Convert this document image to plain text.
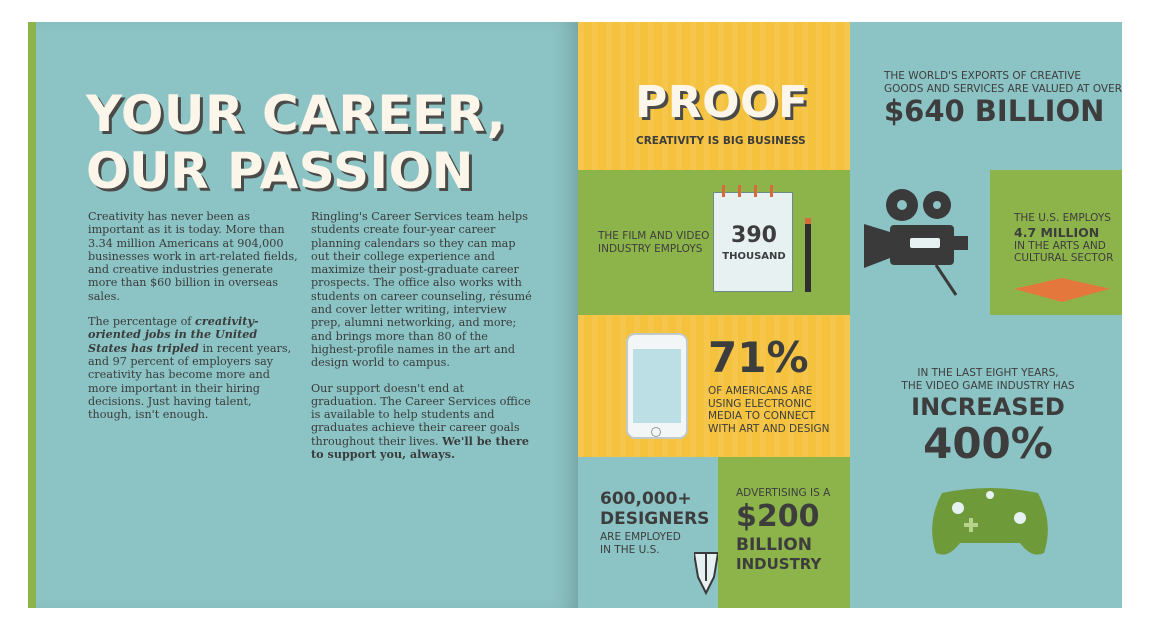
YOUR CAREER,
OUR PASSION

Creativity has never been as important as it is today. More than 3.34 million Americans at 904,000 businesses work in art-related fields, and creative industries generate more than $60 billion in overseas sales.

The percentage of creativity-oriented jobs in the United States has tripled in recent years, and 97 percent of employers say creativity has become more and more important in their hiring decisions. Just having talent, though, isn't enough.

Ringling's Career Services team helps students create four-year career planning calendars so they can map out their college experience and maximize their post-graduate career prospects. The office also works with students on career counseling, résumé and cover letter writing, interview prep, alumni networking, and more; and brings more than 80 of the highest-profile names in the art and design world to campus.

Our support doesn't end at graduation. The Career Services office is available to help students and graduates achieve their career goals throughout their lives. We'll be there to support you, always.

PROOF
CREATIVITY IS BIG BUSINESS
THE WORLD'S EXPORTS OF CREATIVE
GOODS AND SERVICES ARE VALUED AT OVER
$640 BILLION
THE FILM AND VIDEO
INDUSTRY EMPLOYS
390
THOUSAND
THE U.S. EMPLOYS
4.7 MILLION
IN THE ARTS AND
CULTURAL SECTOR
71%
OF AMERICANS ARE
USING ELECTRONIC
MEDIA TO CONNECT
WITH ART AND DESIGN
IN THE LAST EIGHT YEARS,
THE VIDEO GAME INDUSTRY HAS
INCREASED
400%
600,000+
DESIGNERS
ARE EMPLOYED
IN THE U.S.
ADVERTISING IS A
$200
BILLION
INDUSTRY
